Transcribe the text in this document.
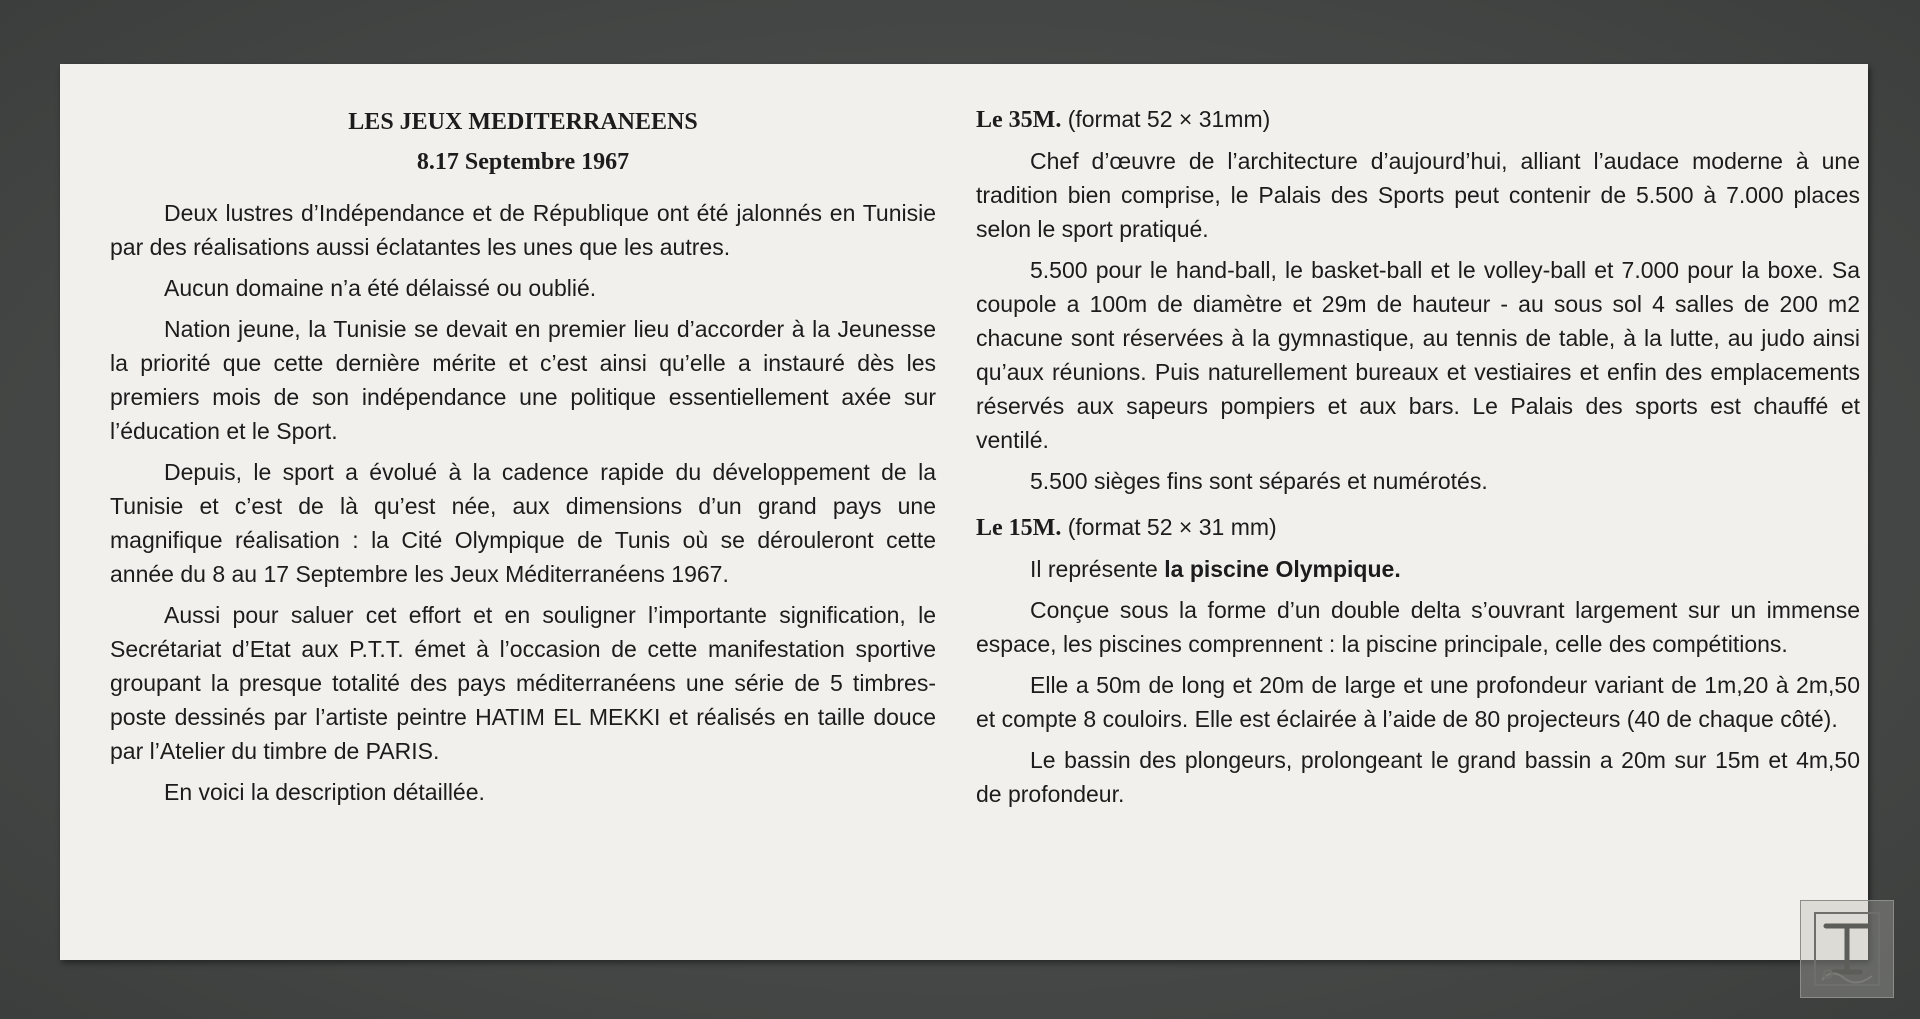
LES JEUX MEDITERRANEENS
8.17 Septembre 1967

Deux lustres d’Indépendance et de République ont été jalonnés en Tunisie par des réalisations aussi éclatantes les unes que les autres.

Aucun domaine n’a été délaissé ou oublié.

Nation jeune, la Tunisie se devait en premier lieu d’accorder à la Jeunesse la priorité que cette dernière mérite et c’est ainsi qu’elle a instauré dès les premiers mois de son indépendance une politique essentiellement axée sur l’éducation et le Sport.

Depuis, le sport a évolué à la cadence rapide du développement de la Tunisie et c’est de là qu’est née, aux dimensions d’un grand pays une magnifique réalisation : la Cité Olympique de Tunis où se dérouleront cette année du 8 au 17 Septembre les Jeux Méditerranéens 1967.

Aussi pour saluer cet effort et en souligner l’importante signification, le Secrétariat d’Etat aux P.T.T. émet à l’occasion de cette manifestation sportive groupant la presque totalité des pays méditerranéens une série de 5 timbres-poste dessinés par l’artiste peintre HATIM EL MEKKI et réalisés en taille douce par l’Atelier du timbre de PARIS.

En voici la description détaillée.

Le 35M. (format 52 × 31mm)

Chef d’œuvre de l’architecture d’aujourd’hui, alliant l’audace moderne à une tradition bien comprise, le Palais des Sports peut contenir de 5.500 à 7.000 places selon le sport pratiqué.

5.500 pour le hand-ball, le basket-ball et le volley-ball et 7.000 pour la boxe. Sa coupole a 100m de diamètre et 29m de hauteur - au sous sol 4 salles de 200 m2 chacune sont réservées à la gymnastique, au tennis de table, à la lutte, au judo ainsi qu’aux réunions. Puis naturellement bureaux et vestiaires et enfin des emplacements réservés aux sapeurs pompiers et aux bars. Le Palais des sports est chauffé et ventilé.

5.500 sièges fins sont séparés et numérotés.

Le 15M. (format 52 × 31 mm)

Il représente la piscine Olympique.

Conçue sous la forme d’un double delta s’ouvrant largement sur un immense espace, les piscines comprennent : la piscine principale, celle des compétitions.

Elle a 50m de long et 20m de large et une profondeur variant de 1m,20 à 2m,50 et compte 8 couloirs. Elle est éclairée à l’aide de 80 projecteurs (40 de chaque côté).

Le bassin des plongeurs, prolongeant le grand bassin a 20m sur 15m et 4m,50 de profondeur.
